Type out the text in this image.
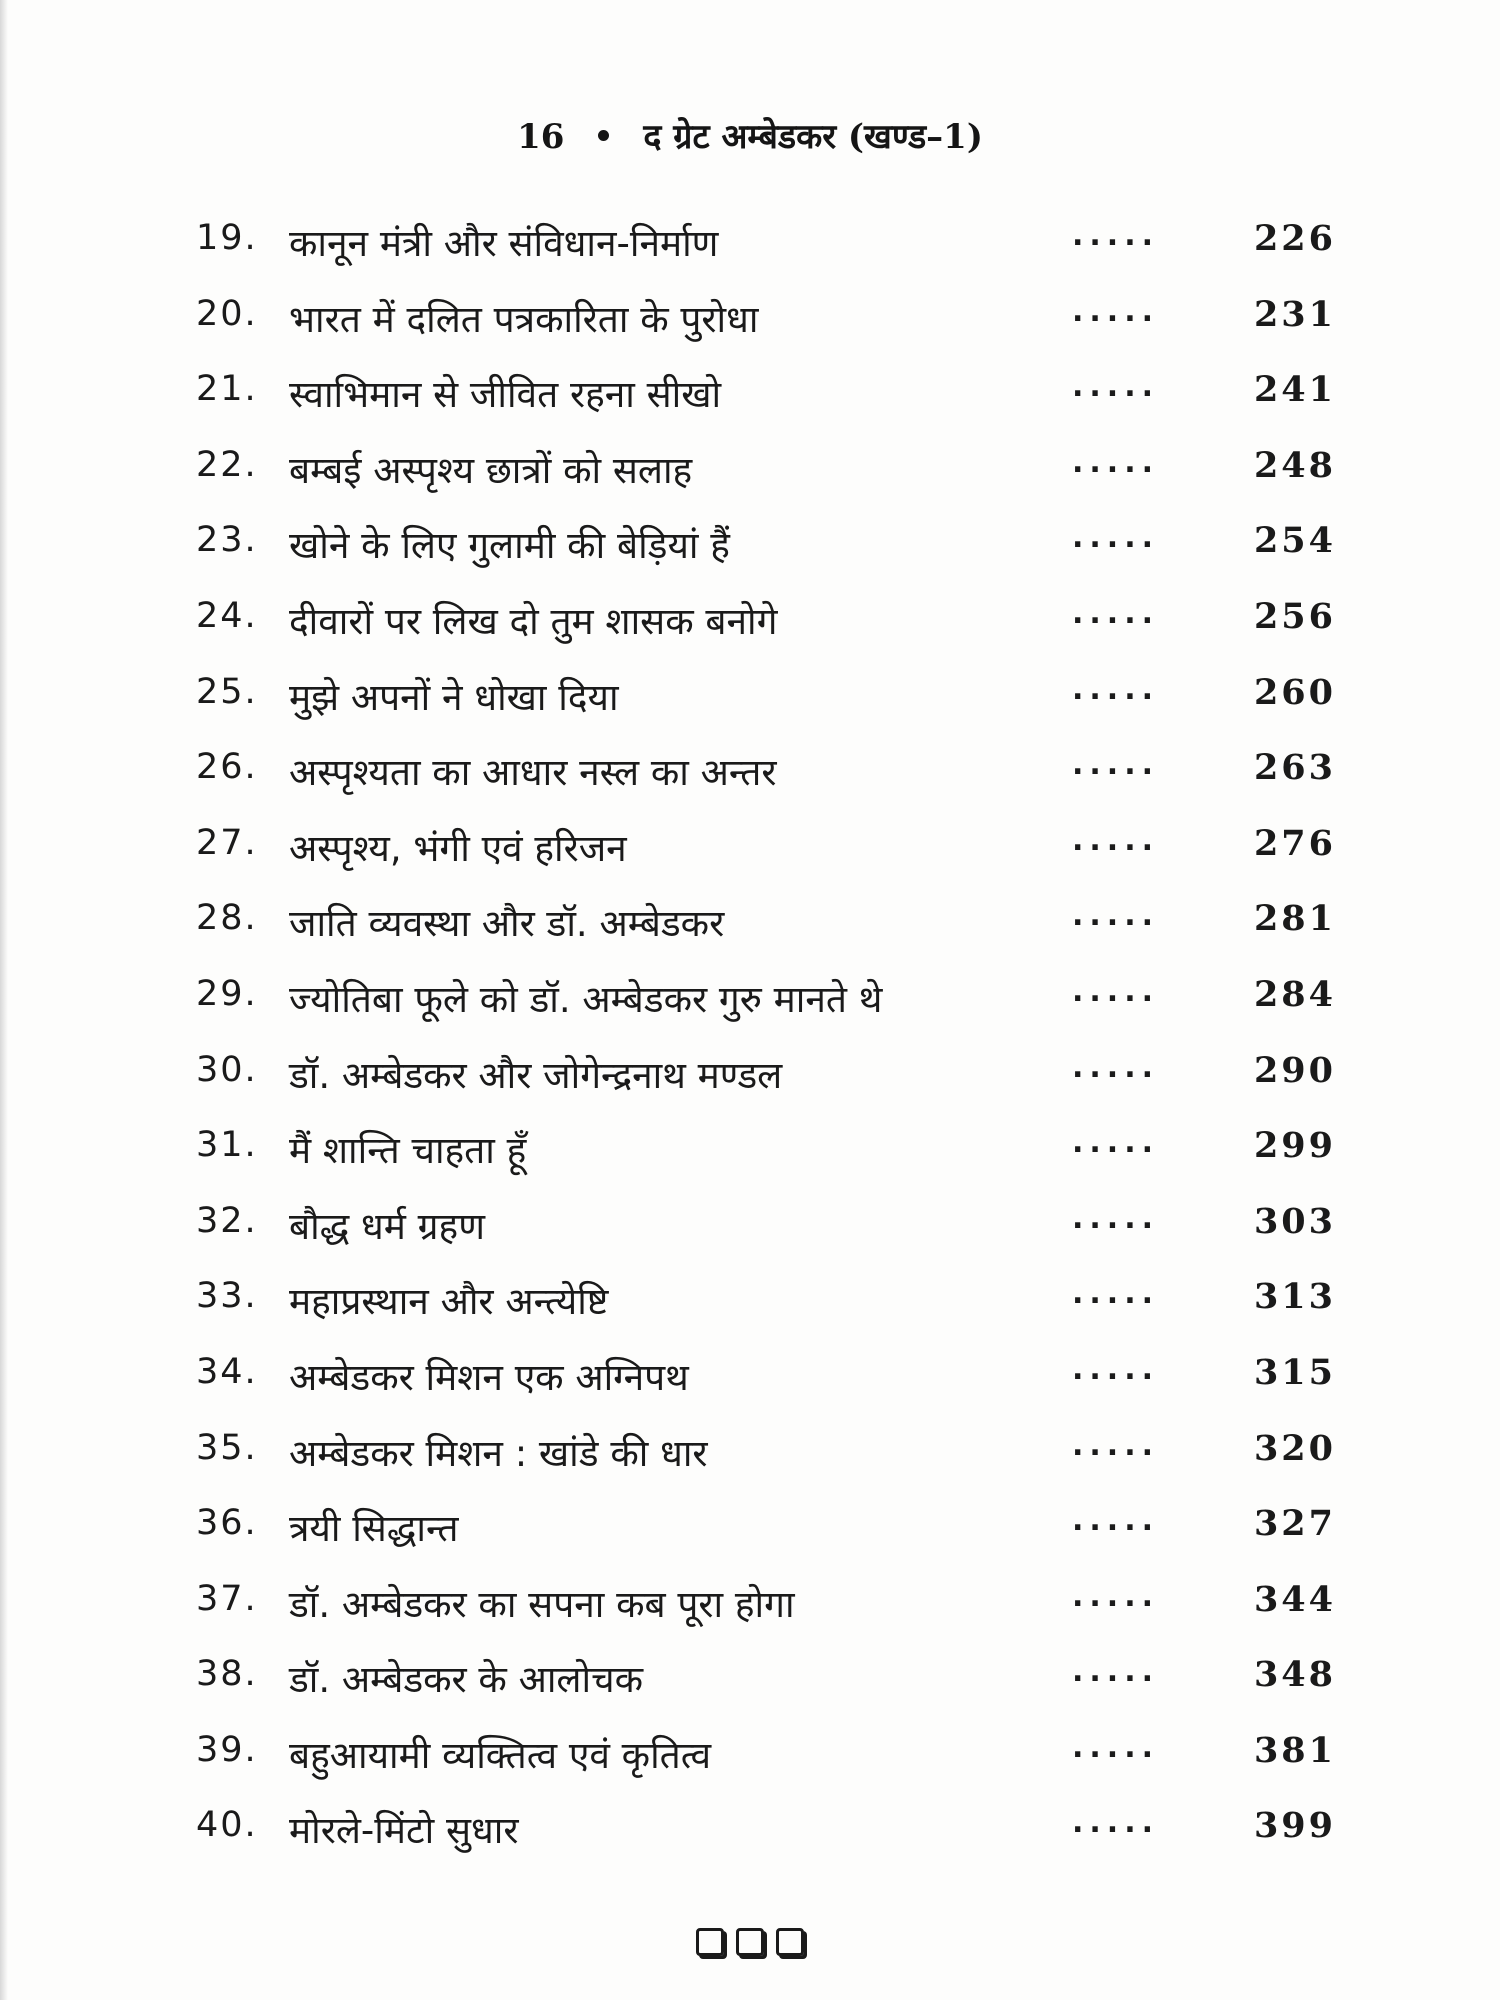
16 द ग्रेट अम्बेडकर (खण्ड–1)
19. कानून मंत्री और संविधान-निर्माण	.....	226
20. भारत में दलित पत्रकारिता के पुरोधा	.....	231
21. स्वाभिमान से जीवित रहना सीखो	.....	241
22. बम्बई अस्पृश्य छात्रों को सलाह	.....	248
23. खोने के लिए गुलामी की बेड़ियां हैं	.....	254
24. दीवारों पर लिख दो तुम शासक बनोगे	.....	256
25. मुझे अपनों ने धोखा दिया	.....	260
26. अस्पृश्यता का आधार नस्ल का अन्तर	.....	263
27. अस्पृश्य, भंगी एवं हरिजन	.....	276
28. जाति व्यवस्था और डॉ. अम्बेडकर	.....	281
29. ज्योतिबा फूले को डॉ. अम्बेडकर गुरु मानते थे	.....	284
30. डॉ. अम्बेडकर और जोगेन्द्रनाथ मण्डल	.....	290
31. मैं शान्ति चाहता हूँ	.....	299
32. बौद्ध धर्म ग्रहण	.....	303
33. महाप्रस्थान और अन्त्येष्टि	.....	313
34. अम्बेडकर मिशन एक अग्निपथ	.....	315
35. अम्बेडकर मिशन : खांडे की धार	.....	320
36. त्रयी सिद्धान्त	.....	327
37. डॉ. अम्बेडकर का सपना कब पूरा होगा	.....	344
38. डॉ. अम्बेडकर के आलोचक	.....	348
39. बहुआयामी व्यक्तित्व एवं कृतित्व	.....	381
40. मोरले-मिंटो सुधार	.....	399
